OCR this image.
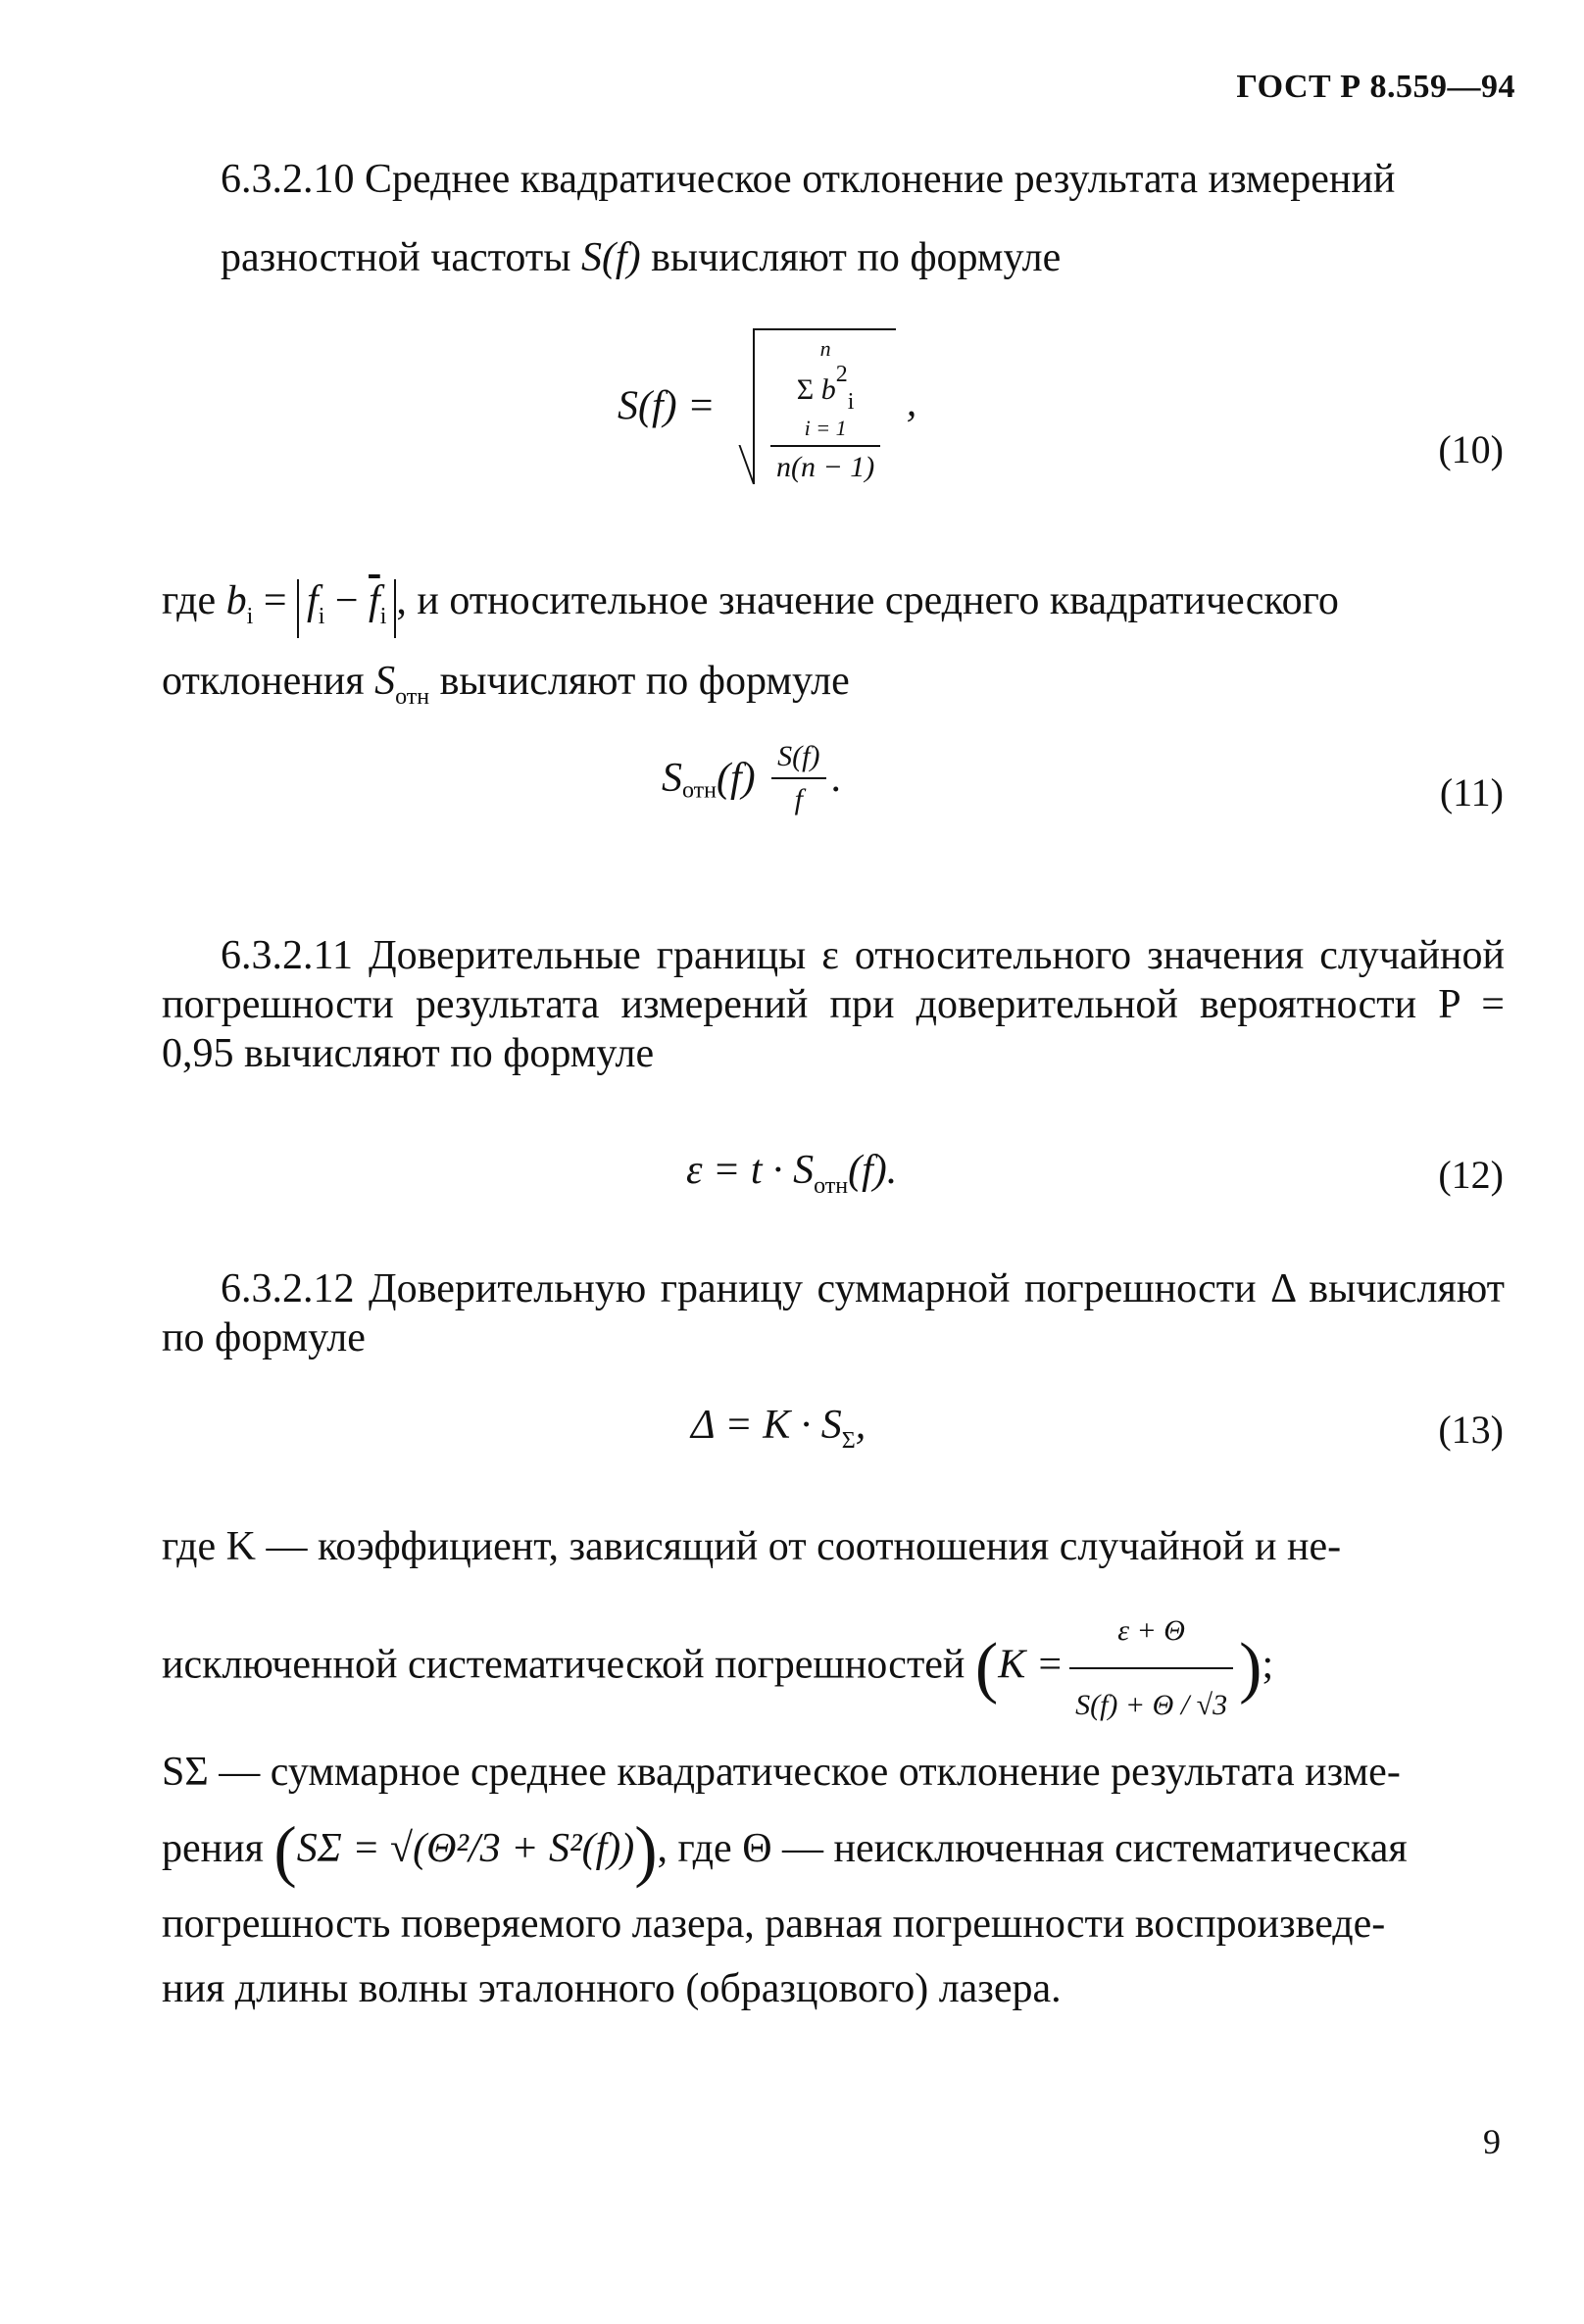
ГОСТ Р 8.559—94
6.3.2.10 Среднее квадратическое отклонение результата измерений
разностной частоты S(f) вычисляют по формуле
S(f) =	n
Σ $b^2_i$
i = 1
n(n − 1) ,
(10)
где $b_i = f_i - \overline{f}_i$ , и относительное значение среднего квадратического
отклонения $S_{отн}$ вычисляют по формуле
$S_{отн}(f) \frac{S(f)}{f}$ .	(11)
6.3.2.11 Доверительные границы ε относительного значения случайной погрешности результата измерений при доверительной вероятности P = 0,95 вычисляют по формуле
$\varepsilon = t \cdot S_{отн}(f)$.	(12)
6.3.2.12 Доверительную границу суммарной погрешности Δ вычисляют по формуле
$\Delta = K \cdot S_\Sigma$,	(13)
где K — коэффициент, зависящий от соотношения случайной и не-
исключенной систематической погрешностей ($K = \frac{\varepsilon + \Theta}{S(f) + \Theta / √3}$ );
SΣ — суммарное среднее квадратическое отклонение результата изме-
рения (SΣ = √(Θ²/3 + S²(f))), где Θ — неисключенная систематическая
погрешность поверяемого лазера, равная погрешности воспроизведе-
ния длины волны эталонного (образцового) лазера.
9
